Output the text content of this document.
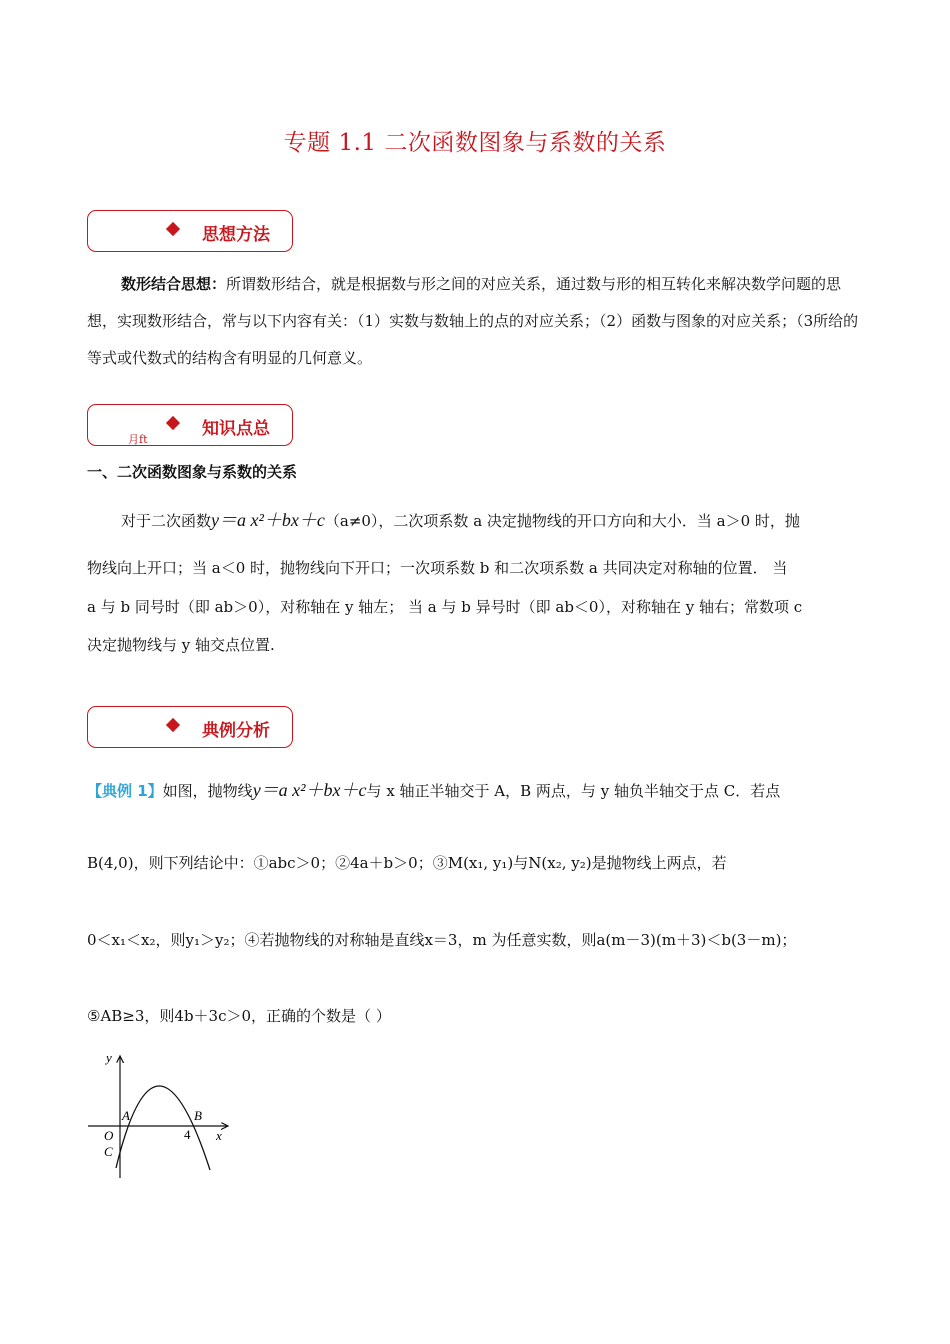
专题 1.1 二次函数图象与系数的关系
思想方法
数形结合思想：所谓数形结合，就是根据数与形之间的对应关系，通过数与形的相互转化来解决数学问题的思想，实现数形结合，常与以下内容有关：（1）实数与数轴上的点的对应关系；（2）函数与图象的对应关系；（3所给的等式或代数式的结构含有明显的几何意义。
知识点总
月ft
一、二次函数图象与系数的关系
对于二次函数y＝a x²＋bx＋c（a≠0），二次项系数 a 决定抛物线的开口方向和大小．当 a＞0 时，抛
物线向上开口；当 a＜0 时，抛物线向下开口；一次项系数 b 和二次项系数 a 共同决定对称轴的位置． 当
a 与 b 同号时（即 ab＞0），对称轴在 y 轴左； 当 a 与 b 异号时（即 ab＜0），对称轴在 y 轴右；常数项 c
决定抛物线与 y 轴交点位置.
典例分析
【典例 1】如图，抛物线y＝a x²＋bx＋c与 x 轴正半轴交于 A，B 两点，与 y 轴负半轴交于点 C．若点
B(4,0)，则下列结论中：①abc＞0；②4a＋b＞0；③M(x₁, y₁)与N(x₂, y₂)是抛物线上两点，若
0＜x₁＜x₂，则y₁＞y₂；④若抛物线的对称轴是直线x＝3，m 为任意实数，则a(m－3)(m＋3)＜b(3－m)；
⑤AB≥3，则4b＋3c＞0，正确的个数是（ ）
y
x
A	B
O
C
4
